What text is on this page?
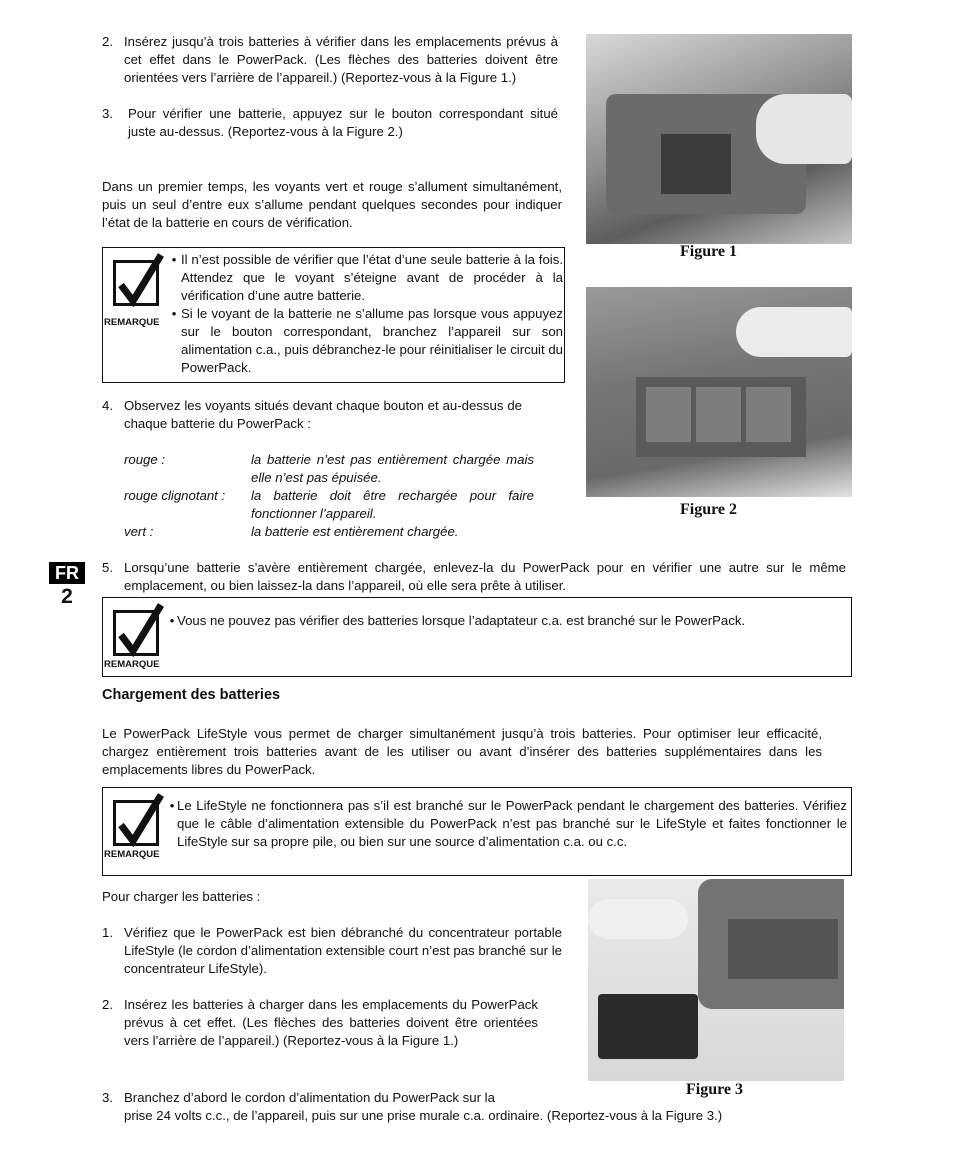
2. Insérez jusqu’à trois batteries à vérifier dans les emplacements prévus à cet effet dans le PowerPack. (Les flèches des batteries doivent être orientées vers l’arrière de l’appareil.) (Reportez-vous à la Figure 1.)
3.	Pour vérifier une batterie, appuyez sur le bouton correspondant situé juste au-dessus. (Reportez-vous à la Figure 2.)

Dans un premier temps, les voyants vert et rouge s’allument simultanément, puis un seul d’entre eux s’allume pendant quelques secondes pour indiquer l’état de la batterie en cours de vérification.

REMARQUE
• Il n’est possible de vérifier que l’état d’une seule batterie à la fois. Attendez que le voyant s’éteigne avant de procéder à la vérification d’une autre batterie.
• Si le voyant de la batterie ne s’allume pas lorsque vous appuyez sur le bouton correspondant, branchez l’appareil sur son alimentation c.a., puis débranchez-le pour réinitialiser le circuit du PowerPack.
4. Observez les voyants situés devant chaque bouton et au-dessus de chaque batterie du PowerPack :
rouge :	la batterie n’est pas entièrement chargée mais elle n’est pas épuisée.
rouge clignotant :	la batterie doit être rechargée pour faire fonctionner l’appareil.
vert :	la batterie est entièrement chargée.
Figure 1
Figure 2
FR
2
5. Lorsqu’une batterie s’avère entièrement chargée, enlevez-la du PowerPack pour en vérifier une autre sur le même emplacement, ou bien laissez-la dans l’appareil, où elle sera prête à utiliser.
REMARQUE
• Vous ne pouvez pas vérifier des batteries lorsque l’adaptateur c.a. est branché sur le PowerPack.
Chargement des batteries

Le PowerPack LifeStyle vous permet de charger simultanément jusqu’à trois batteries. Pour optimiser leur efficacité, chargez entièrement trois batteries avant de les utiliser ou avant d’insérer des batteries supplémentaires dans les emplacements libres du PowerPack.

REMARQUE
• Le LifeStyle ne fonctionnera pas s’il est branché sur le PowerPack pendant le chargement des batteries. Vérifiez que le câble d’alimentation extensible du PowerPack n’est pas branché sur le LifeStyle et faites fonctionner le LifeStyle sur sa propre pile, ou bien sur une source d’alimentation c.a. ou c.c.

Pour charger les batteries :

1. Vérifiez que le PowerPack est bien débranché du concentrateur portable LifeStyle (le cordon d’alimentation extensible court n’est pas branché sur le concentrateur LifeStyle).
2. Insérez les batteries à charger dans les emplacements du PowerPack prévus à cet effet. (Les flèches des batteries doivent être orientées vers l’arrière de l’appareil.) (Reportez-vous à la Figure 1.)
Figure 3
3. Branchez d’abord le cordon d’alimentation du PowerPack sur la
prise 24 volts c.c., de l’appareil, puis sur une prise murale c.a. ordinaire. (Reportez-vous à la Figure 3.)
